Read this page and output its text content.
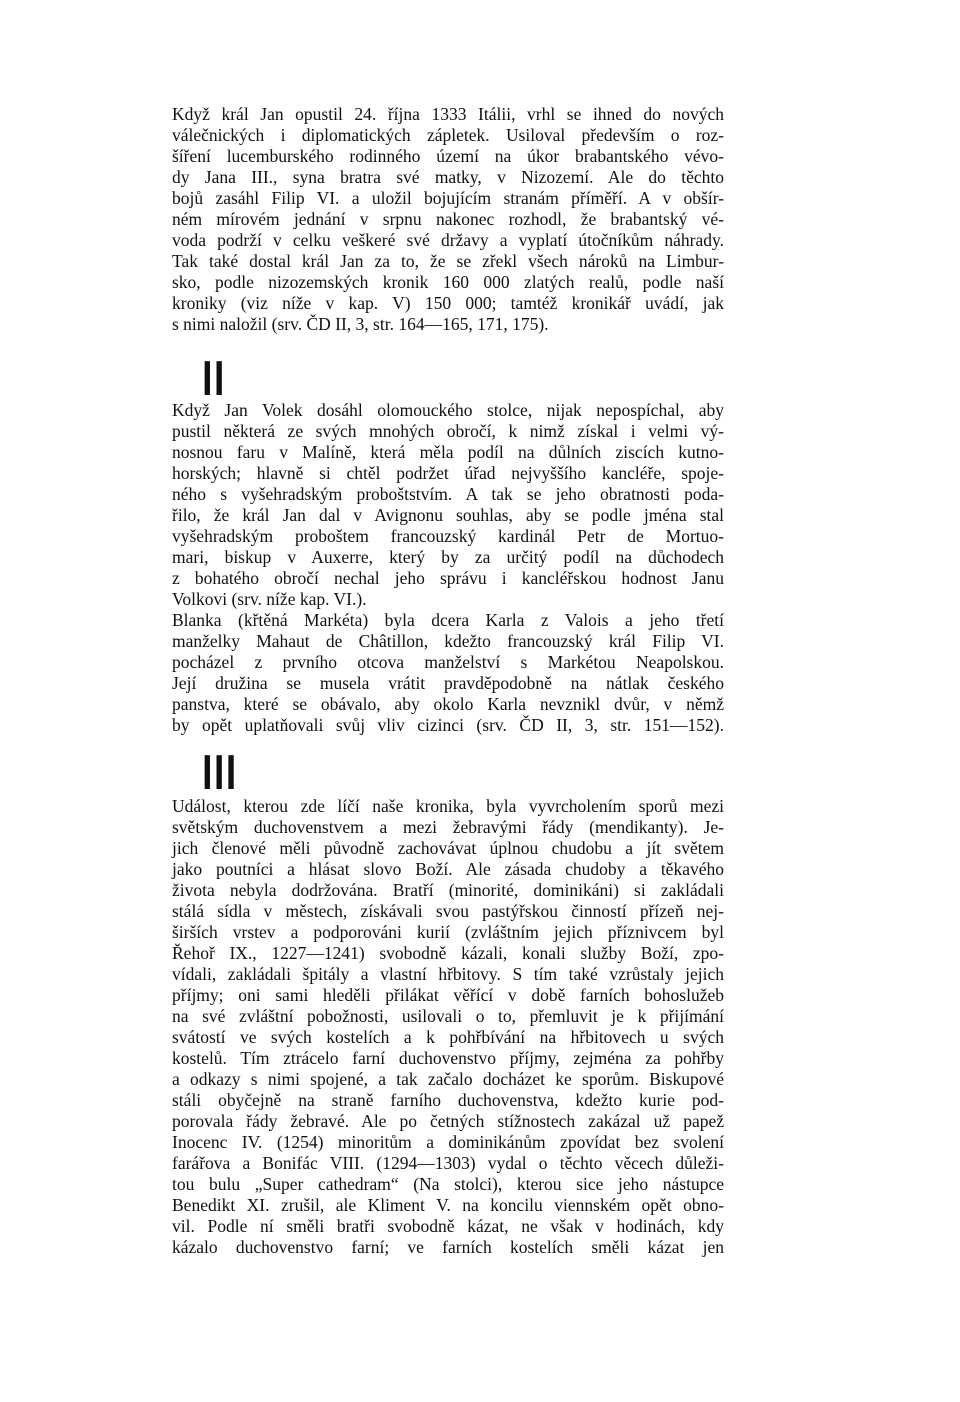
Když král Jan opustil 24. října 1333 Itálii, vrhl se ihned do nových
válečnických i diplomatických zápletek. Usiloval především o roz-
šíření lucemburského rodinného území na úkor brabantského vévo-
dy Jana III., syna bratra své matky, v Nizozemí. Ale do těchto
bojů zasáhl Filip VI. a uložil bojujícím stranám příměří. A v obšír-
ném mírovém jednání v srpnu nakonec rozhodl, že brabantský vé-
voda podrží v celku veškeré své državy a vyplatí útočníkům náhrady.
Tak také dostal král Jan za to, že se zřekl všech nároků na Limbur-
sko, podle nizozemských kronik 160 000 zlatých realů, podle naší
kroniky (viz níže v kap. V) 150 000; tamtéž kronikář uvádí, jak
s nimi naložil (srv. ČD II, 3, str. 164—165, 171, 175).
II
Když Jan Volek dosáhl olomouckého stolce, nijak nepospíchal, aby
pustil některá ze svých mnohých obročí, k nimž získal i velmi vý-
nosnou faru v Malíně, která měla podíl na důlních ziscích kutno-
horských; hlavně si chtěl podržet úřad nejvyššího kancléře, spoje-
ného s vyšehradským proboštstvím. A tak se jeho obratnosti poda-
řilo, že král Jan dal v Avignonu souhlas, aby se podle jména stal
vyšehradským proboštem francouzský kardinál Petr de Mortuo-
mari, biskup v Auxerre, který by za určitý podíl na důchodech
z bohatého obročí nechal jeho správu i kancléřskou hodnost Janu
Volkovi (srv. níže kap. VI.).
Blanka (křtěná Markéta) byla dcera Karla z Valois a jeho třetí
manželky Mahaut de Châtillon, kdežto francouzský král Filip VI.
pocházel z prvního otcova manželství s Markétou Neapolskou.
Její družina se musela vrátit pravděpodobně na nátlak českého
panstva, které se obávalo, aby okolo Karla nevznikl dvůr, v němž
by opět uplatňovali svůj vliv cizinci (srv. ČD II, 3, str. 151—152).
III
Událost, kterou zde líčí naše kronika, byla vyvrcholením sporů mezi
světským duchovenstvem a mezi žebravými řády (mendikanty). Je-
jich členové měli původně zachovávat úplnou chudobu a jít světem
jako poutníci a hlásat slovo Boží. Ale zásada chudoby a těkavého
života nebyla dodržována. Bratří (minorité, dominikáni) si zakládali
stálá sídla v městech, získávali svou pastýřskou činností přízeň nej-
širších vrstev a podporováni kurií (zvláštním jejich příznivcem byl
Řehoř IX., 1227—1241) svobodně kázali, konali služby Boží, zpo-
vídali, zakládali špitály a vlastní hřbitovy. S tím také vzrůstaly jejich
příjmy; oni sami hleděli přilákat věřící v době farních bohoslužeb
na své zvláštní pobožnosti, usilovali o to, přemluvit je k přijímání
svátostí ve svých kostelích a k pohřbívání na hřbitovech u svých
kostelů. Tím ztrácelo farní duchovenstvo příjmy, zejména za pohřby
a odkazy s nimi spojené, a tak začalo docházet ke sporům. Biskupové
stáli obyčejně na straně farního duchovenstva, kdežto kurie pod-
porovala řády žebravé. Ale po četných stížnostech zakázal už papež
Inocenc IV. (1254) minoritům a dominikánům zpovídat bez svolení
farářova a Bonifác VIII. (1294—1303) vydal o těchto věcech důleži-
tou bulu „Super cathedram“ (Na stolci), kterou sice jeho nástupce
Benedikt XI. zrušil, ale Kliment V. na koncilu viennském opět obno-
vil. Podle ní směli bratři svobodně kázat, ne však v hodinách, kdy
kázalo duchovenstvo farní; ve farních kostelích směli kázat jen
